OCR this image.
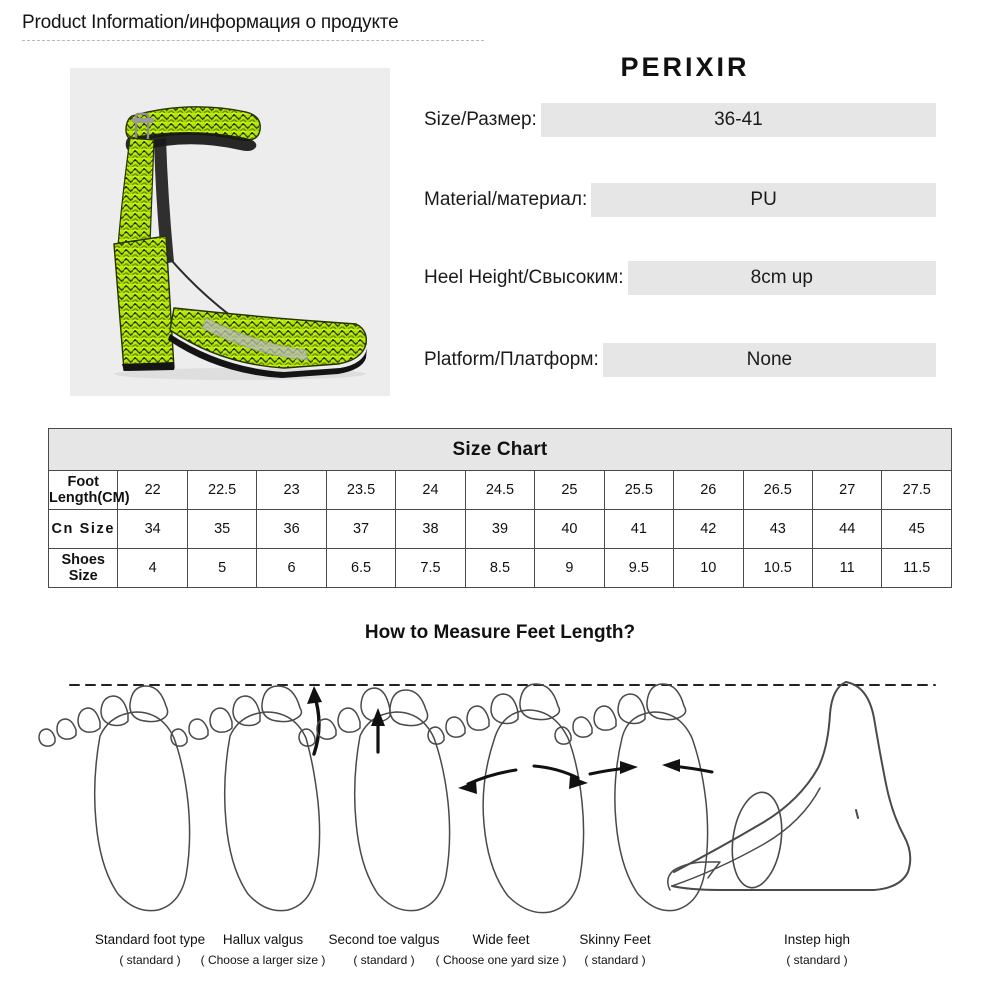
Product Information/информация о продукте
PERIXIR
Size/Размер:	36-41
Material/материал:	PU
Heel Height/Свысоким:	8cm up
Platform/Платформ:	None
Size Chart												
Foot Length(CM)	22	22.5	23	23.5	24	24.5	25	25.5	26	26.5	27	27.5
Cn Size	34	35	36	37	38	39	40	41	42	43	44	45
Shoes Size	4	5	6	6.5	7.5	8.5	9	9.5	10	10.5	11	11.5
How to Measure Feet Length?
Standard foot type
( standard )
Hallux valgus
( Choose a larger size )
Second toe valgus
( standard )
Wide feet
( Choose one yard size )
Skinny Feet
( standard )
Instep high
( standard )
